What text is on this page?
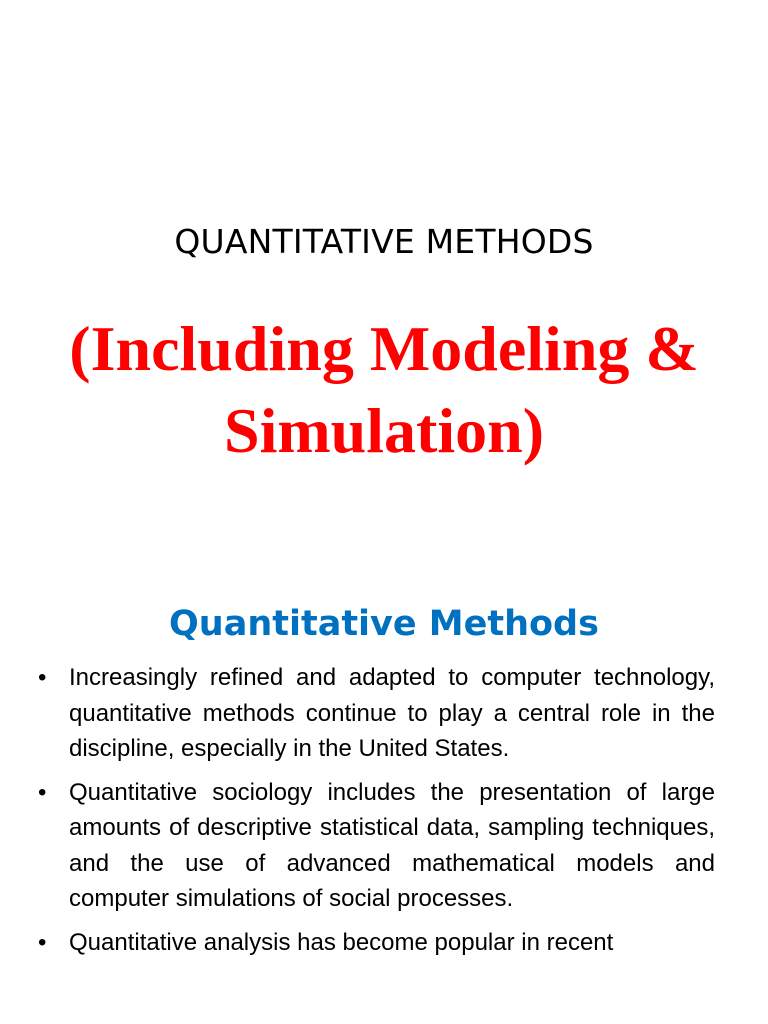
QUANTITATIVE METHODS

(Including Modeling & Simulation)

Quantitative Methods
• Increasingly refined and adapted to computer technology, quantitative methods continue to play a central role in the discipline, especially in the United States.
• Quantitative sociology includes the presentation of large amounts of descriptive statistical data, sampling techniques, and the use of advanced mathematical models and computer simulations of social processes.
• Quantitative analysis has become popular in recent
